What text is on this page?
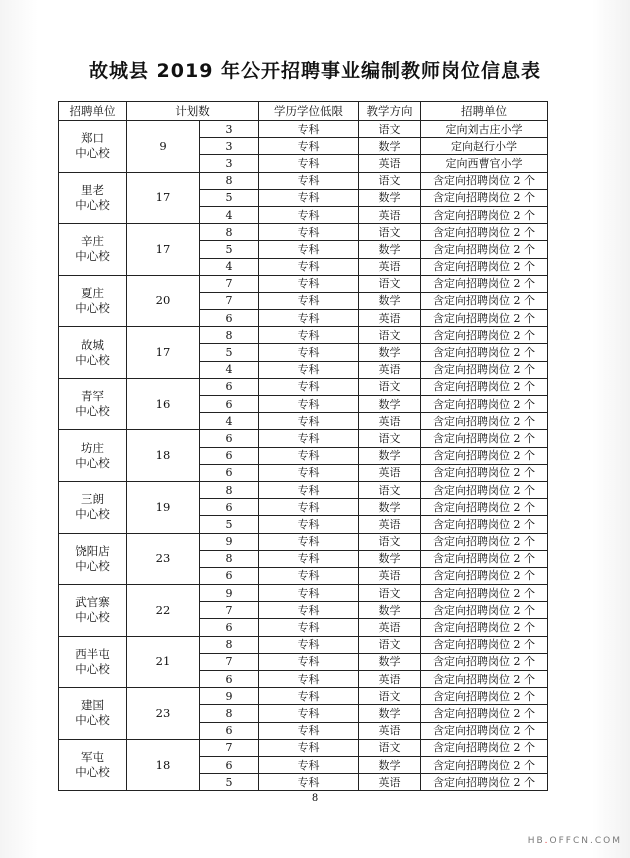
故城县 2019 年公开招聘事业编制教师岗位信息表
招聘单位	计划数		学历学位低限	教学方向	招聘单位

郑口
中心校	9	3	专科	语文	定向刘古庄小学
		3	专科	数学	定向赵行小学
		3	专科	英语	定向西曹官小学

里老
中心校	17	8	专科	语文	含定向招聘岗位 2 个
		5	专科	数学	含定向招聘岗位 2 个
		4	专科	英语	含定向招聘岗位 2 个

辛庄
中心校	17	8	专科	语文	含定向招聘岗位 2 个
		5	专科	数学	含定向招聘岗位 2 个
		4	专科	英语	含定向招聘岗位 2 个

夏庄
中心校	20	7	专科	语文	含定向招聘岗位 2 个
		7	专科	数学	含定向招聘岗位 2 个
		6	专科	英语	含定向招聘岗位 2 个

故城
中心校	17	8	专科	语文	含定向招聘岗位 2 个
		5	专科	数学	含定向招聘岗位 2 个
		4	专科	英语	含定向招聘岗位 2 个

青罕
中心校	16	6	专科	语文	含定向招聘岗位 2 个
		6	专科	数学	含定向招聘岗位 2 个
		4	专科	英语	含定向招聘岗位 2 个

坊庄
中心校	18	6	专科	语文	含定向招聘岗位 2 个
		6	专科	数学	含定向招聘岗位 2 个
		6	专科	英语	含定向招聘岗位 2 个

三朗
中心校	19	8	专科	语文	含定向招聘岗位 2 个
		6	专科	数学	含定向招聘岗位 2 个
		5	专科	英语	含定向招聘岗位 2 个

饶阳店
中心校	23	9	专科	语文	含定向招聘岗位 2 个
		8	专科	数学	含定向招聘岗位 2 个
		6	专科	英语	含定向招聘岗位 2 个

武官寨
中心校	22	9	专科	语文	含定向招聘岗位 2 个
		7	专科	数学	含定向招聘岗位 2 个
		6	专科	英语	含定向招聘岗位 2 个

西半屯
中心校	21	8	专科	语文	含定向招聘岗位 2 个
		7	专科	数学	含定向招聘岗位 2 个
		6	专科	英语	含定向招聘岗位 2 个

建国
中心校	23	9	专科	语文	含定向招聘岗位 2 个
		8	专科	数学	含定向招聘岗位 2 个
		6	专科	英语	含定向招聘岗位 2 个

军屯
中心校	18	7	专科	语文	含定向招聘岗位 2 个
		6	专科	数学	含定向招聘岗位 2 个
		5	专科	英语	含定向招聘岗位 2 个
8
HB.OFFCN.COM
